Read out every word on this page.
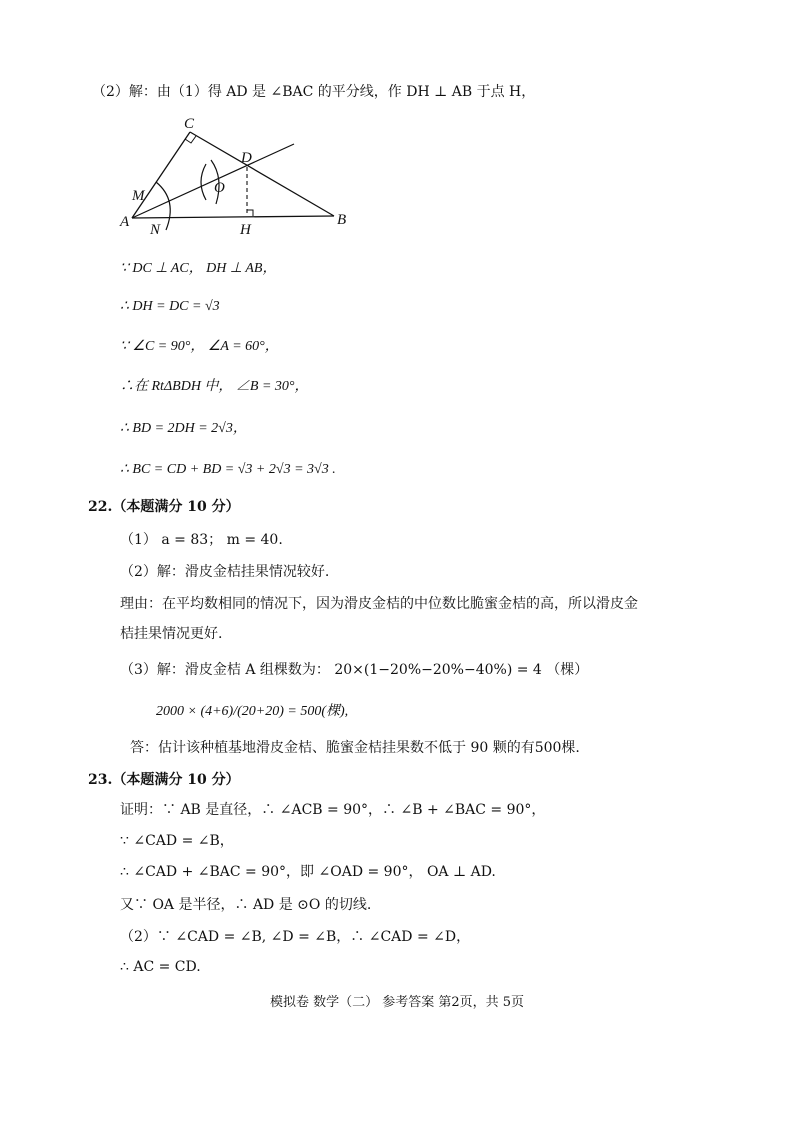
（2）解：由（1）得 AD 是 ∠BAC 的平分线，作 DH ⊥ AB 于点 H，
C
D
M	O
A N	H
B
∵ DC ⊥ AC， DH ⊥ AB，
∴ DH = DC = √3
∵ ∠C = 90°， ∠A = 60°，
∴在 RtΔBDH 中， ∠B = 30°，
∴ BD = 2DH = 2√3，
∴ BC = CD + BD = √3 + 2√3 = 3√3 .
22.（本题满分 10 分）
（1） a = 83； m = 40.
（2）解：滑皮金桔挂果情况较好.
理由：在平均数相同的情况下，因为滑皮金桔的中位数比脆蜜金桔的高，所以滑皮金
桔挂果情况更好.
（3）解：滑皮金桔 A 组棵数为： 20×(1−20%−20%−40%) = 4 （棵）
2000 × (4+6)/(20+20) = 500(棵),
答：估计该种植基地滑皮金桔、脆蜜金桔挂果数不低于 90 颗的有500棵.
23.（本题满分 10 分）
证明：∵ AB 是直径，∴ ∠ACB = 90°，∴ ∠B + ∠BAC = 90°，
∵ ∠CAD = ∠B，
∴ ∠CAD + ∠BAC = 90°，即 ∠OAD = 90°， OA ⊥ AD.
又∵ OA 是半径，∴ AD 是 ⊙O 的切线.
（2）∵ ∠CAD = ∠B, ∠D = ∠B，∴ ∠CAD = ∠D，
∴ AC = CD.
模拟卷 数学（二） 参考答案 第2页，共 5页
